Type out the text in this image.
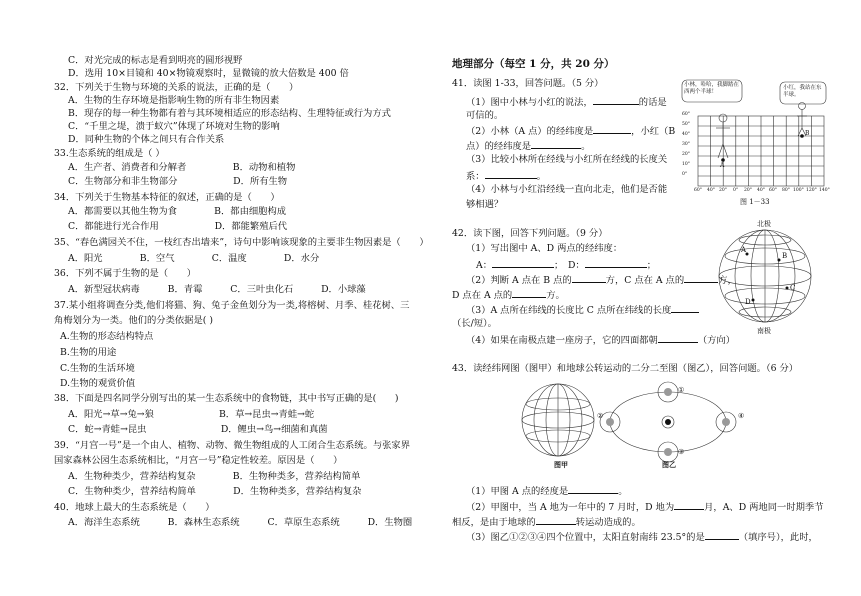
C．对光完成的标志是看到明亮的圆形视野
D．选用 10×目镜和 40×物镜观察时，显微镜的放大倍数是 400 倍
32．下列关于生物与环境的关系的说法，正确的是（　　）
A．生物的生存环境是指影响生物的所有非生物因素
B．现存的每一种生物都有着与其环境相适应的形态结构、生理特征或行为方式
C．“千里之堤，溃于蚁穴”体现了环境对生物的影响
D．同种生物的个体之间只有合作关系
33.生态系统的组成是（ ）
A．生产者、消费者和分解者　　　　　B．动物和植物
C．生物部分和非生物部分　　　　　　D．所有生物
34．下列关于生物基本特征的叙述，正确的是（　　）
A．都需要以其他生物为食　　　　B．都由细胞构成
C．都能进行光合作用　　　　　　D．都能繁殖后代
35、“春色满园关不住，一枝红杏出墙来”，诗句中影响该现象的主要非生物因素是（　　）
A．阳光　　　　B．空气　　　　C．温度　　　　D．水分
36．下列不属于生物的是（　　）
A．新型冠状病毒　　　B．青霉　　　C．三叶虫化石　　　D．小球藻
37.某小组将调查分类,他们将猫、狗、兔子金鱼划分为一类,将榕树、月季、桂花树、三
角梅划分为一类。他们的分类依据是( )
A.生物的形态结构特点
B.生物的用途
C.生物的生活环境
D.生物的观赏价值
38．下面是四名同学分别写出的某一生态系统中的食物链，其中书写正确的是(　　)
A．阳光→草→兔→狼　　　　　　　B．草→昆虫→青蛙→蛇
C．蛇→青蛙→昆虫　　　　　　　　D．鲤虫→鸟→细菌和真菌
39．“月宫一号”是一个由人、植物、动物、微生物组成的人工闭合生态系统。与张家界
国家森林公园生态系统相比，“月宫一号”稳定性较差。原因是（　　）
A．生物种类少，营养结构复杂　　　　B．生物种类多，营养结构简单
C．生物种类少，营养结构简单　　　　D．生物种类多，营养结构复杂
40．地球上最大的生态系统是（　　）
A．海洋生态系统　　　B．森林生态系统　　　C．草原生态系统　　　D．生物圈
地理部分（每空 1 分，共 20 分）
41．读图 1-33，回答问题。（5 分）
（1）图中小林与小红的说法，	的话是
可信的。
（2）小林（A 点）的经纬度是	，小红（B
点）的经纬度是	。
（3）比较小林所在经线与小红所在经线的长度关
系：	。
（4）小林与小红沿经线一直向北走，他们是否能
够相遇？
42．读下图，回答下列问题。（9 分）
（1）写出图中 A、D 两点的经纬度：
A：	；　D：	；
（2）判断 A 点在 B 点的	方，C 点在 A 点的	方，
D 点在 A 点的	方。
（3）A 点所在纬线的长度比 C 点所在纬线的长度
（长/短）。
（4）如果在南极点建一座房子，它的四面都朝	（方向）
43．读经纬网图（图甲）和地球公转运动的二分二至图（图乙），回答问题。（6 分）
（1）甲图 A 点的经度是	。
（2）甲图中，当 A 地为一年中的 7 月时，D 地为	月，A、D 两地同一时期季节
相反，是由于地球的	转运动造成的。
（3）图乙①②③④四个位置中，太阳直射南纬 23.5°的是	（填序号），此时，
小林，哈哈，我脚踏在西两个半球！
小红，我站在东半球。
A
B
60°
50°
40°
30°
20°
10°
0°
60° 40° 20° 0° 20° 40° 60° 80° 100° 120° 140°
图 1－33
北极
南极
A
B
C
D
图甲	图乙
①
②
③
④
